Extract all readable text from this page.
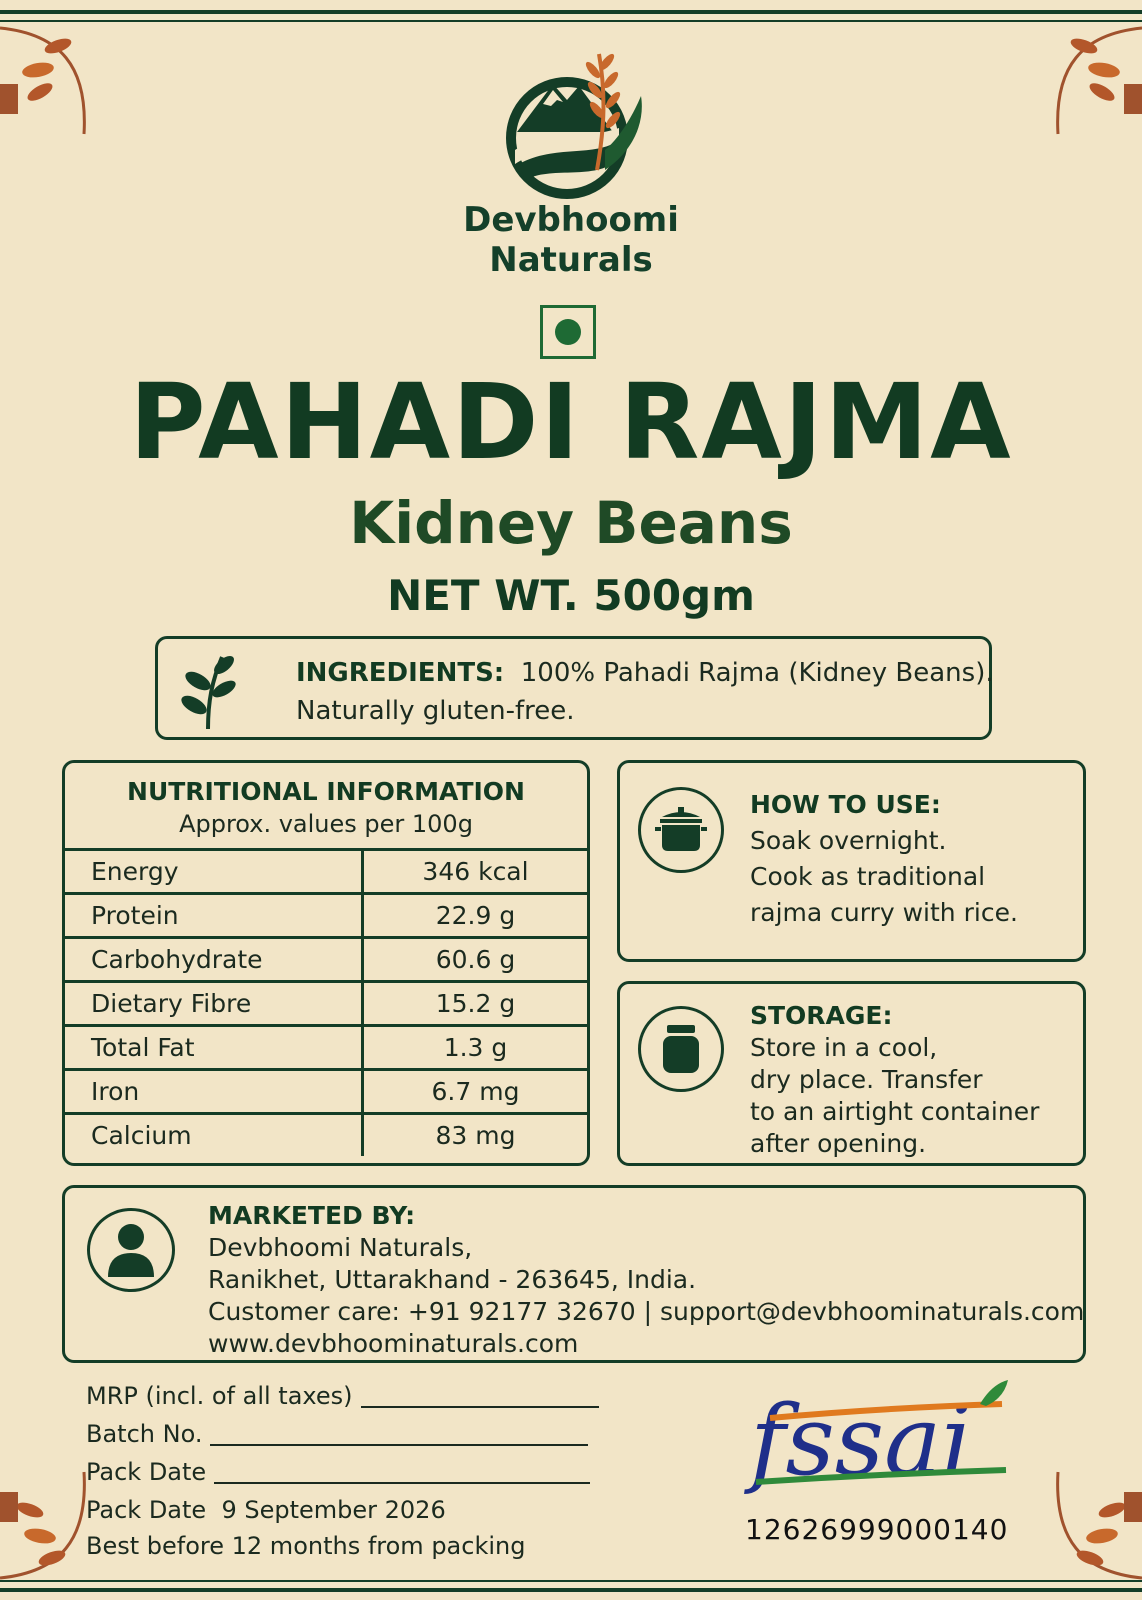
Devbhoomi
Naturals
PAHADI RAJMA
Kidney Beans
NET WT. 500gm
INGREDIENTS: 100% Pahadi Rajma (Kidney Beans).
Naturally gluten-free.
NUTRITIONAL INFORMATION
Approx. values per 100g
Energy	346 kcal
Protein	22.9 g
Carbohydrate	60.6 g
Dietary Fibre	15.2 g
Total Fat	1.3 g
Iron	6.7 mg
Calcium	83 mg
HOW TO USE:
Soak overnight.
Cook as traditional
rajma curry with rice.
STORAGE:
Store in a cool,
dry place. Transfer
to an airtight container
after opening.
MARKETED BY:
Devbhoomi Naturals,
Ranikhet, Uttarakhand - 263645, India.
Customer care: +91 92177 32670 | support@devbhoominaturals.com
www.devbhoominaturals.com
MRP (incl. of all taxes)
Batch No.
Pack Date
Pack Date 9 September 2026
Best before 12 months from packing
fssai
12626999000140
